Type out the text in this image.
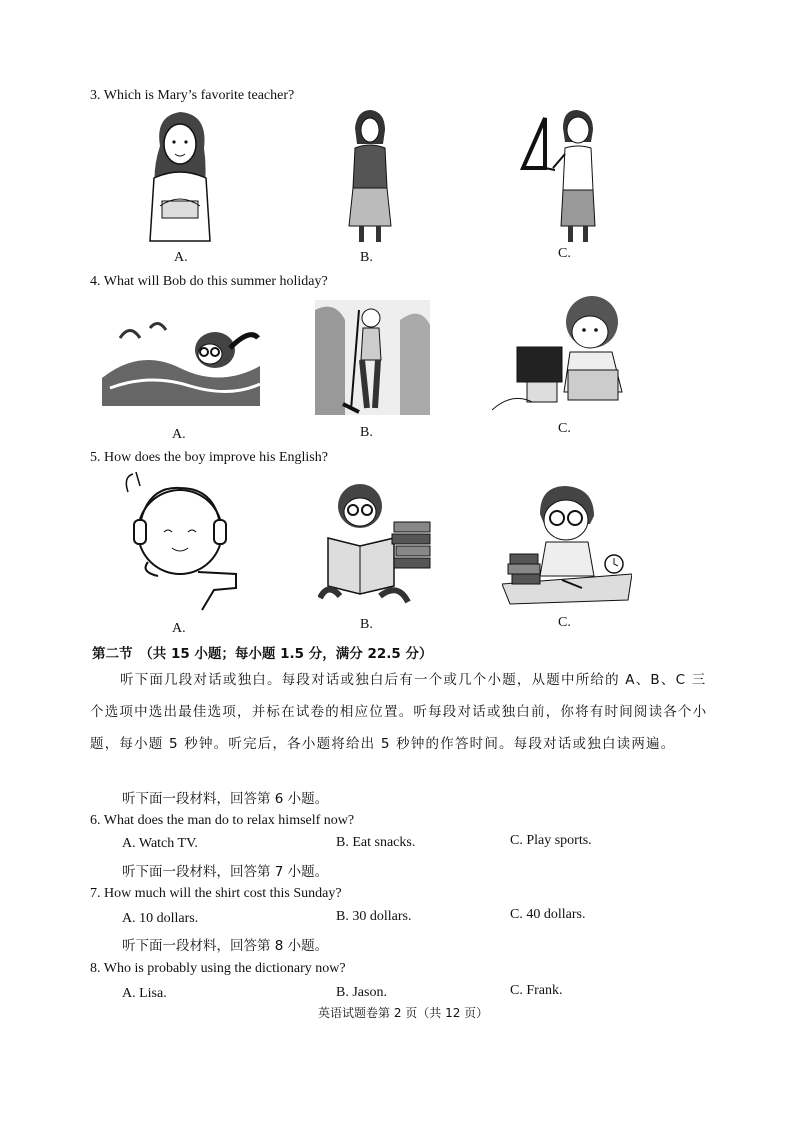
3. Which is Mary’s favorite teacher?
A.	B.	C.
4. What will Bob do this summer holiday?
A.	B.	C.
5. How does the boy improve his English?
A.	B.	C.
第二节　（共 15 小题；每小题 1.5 分，满分 22.5 分）
听下面几段对话或独白。每段对话或独白后有一个或几个小题，从题中所给的 A、B、C 三个选项中选出最佳选项，并标在试卷的相应位置。听每段对话或独白前，你将有时间阅读各个小题，每小题 5 秒钟。听完后，各小题将给出 5 秒钟的作答时间。每段对话或独白读两遍。
听下面一段材料，回答第 6 小题。
6. What does the man do to relax himself now?
A. Watch TV.	B. Eat snacks.	C. Play sports.
听下面一段材料，回答第 7 小题。
7. How much will the shirt cost this Sunday?
A. 10 dollars.	B. 30 dollars.	C. 40 dollars.
听下面一段材料，回答第 8 小题。
8. Who is probably using the dictionary now?
A. Lisa.	B. Jason.	C. Frank.
英语试题卷第 2 页（共 12 页）
